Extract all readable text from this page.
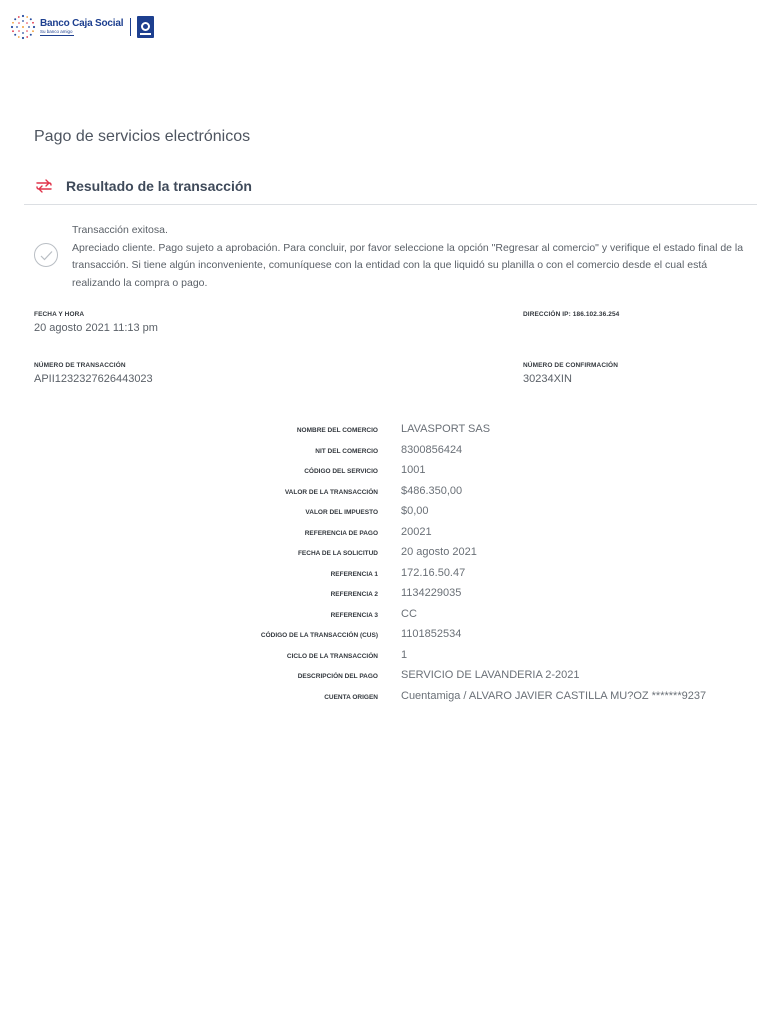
Banco Caja Social
Su banco amigo
Pago de servicios electrónicos
Resultado de la transacción
Transacción exitosa.
Apreciado cliente. Pago sujeto a aprobación. Para concluir, por favor seleccione la opción "Regresar al comercio" y verifique el estado final de la transacción. Si tiene algún inconveniente, comuníquese con la entidad con la que liquidó su planilla o con el comercio desde el cual está realizando la compra o pago.
FECHA Y HORA
20 agosto 2021 11:13 pm
DIRECCIÓN IP: 186.102.36.254
NÚMERO DE TRANSACCIÓN
APII1232327626443023
NÚMERO DE CONFIRMACIÓN
30234XIN
NOMBRE DEL COMERCIO LAVASPORT SAS
NIT DEL COMERCIO 8300856424
CÓDIGO DEL SERVICIO 1001
VALOR DE LA TRANSACCIÓN $486.350,00
VALOR DEL IMPUESTO $0,00
REFERENCIA DE PAGO 20021
FECHA DE LA SOLICITUD 20 agosto 2021
REFERENCIA 1 172.16.50.47
REFERENCIA 2 1134229035
REFERENCIA 3 CC
CÓDIGO DE LA TRANSACCIÓN (CUS) 1101852534
CICLO DE LA TRANSACCIÓN 1
DESCRIPCIÓN DEL PAGO SERVICIO DE LAVANDERIA 2-2021
CUENTA ORIGEN Cuentamiga / ALVARO JAVIER CASTILLA MU?OZ *******9237
